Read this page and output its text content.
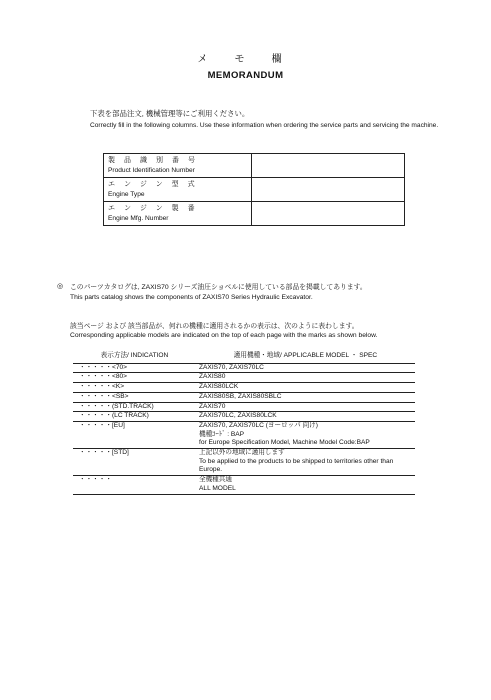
メ モ 欄
MEMORANDUM
下表を部品注文, 機械管理等にご利用ください。
Correctly fill in the following columns. Use these information when ordering the service parts and servicing the machine.
製品識別番号
Product Identification Number	

エンジン型式
Engine Type	

エンジン製番
Engine Mfg. Number	

◎ このパーツカタログは, ZAXIS70 シリーズ油圧ショベルに使用している部品を掲載してあります。
This parts catalog shows the components of ZAXIS70 Series Hydraulic Excavator.
該当ページ および 該当部品が、何れの機種に適用されるかの表示は、次のように表わします。
Corresponding applicable models are indicated on the top of each page with the marks as shown below.
表示方法/ INDICATION	適用機種・地域/ APPLICABLE MODEL ・ SPEC
・・・・・<70>	ZAXIS70, ZAXIS70LC

・・・・・<80>	ZAXIS80

・・・・・<K>	ZAXIS80LCK

・・・・・<SB>	ZAXIS80SB, ZAXIS80SBLC

・・・・・(STD.TRACK)	ZAXIS70

・・・・・(LC TRACK)	ZAXIS70LC, ZAXIS80LCK

・・・・・[EU]	ZAXIS70, ZAXIS70LC (ヨーロッパ 向け)
機種ｺｰﾄﾞ : BAP
for Europe Specification Model, Machine Model Code:BAP

・・・・・[STD]	上記以外の地域に適用します
To be applied to the products to be shipped to territories other than
Europe.

・・・・・	全機種共通
ALL MODEL
